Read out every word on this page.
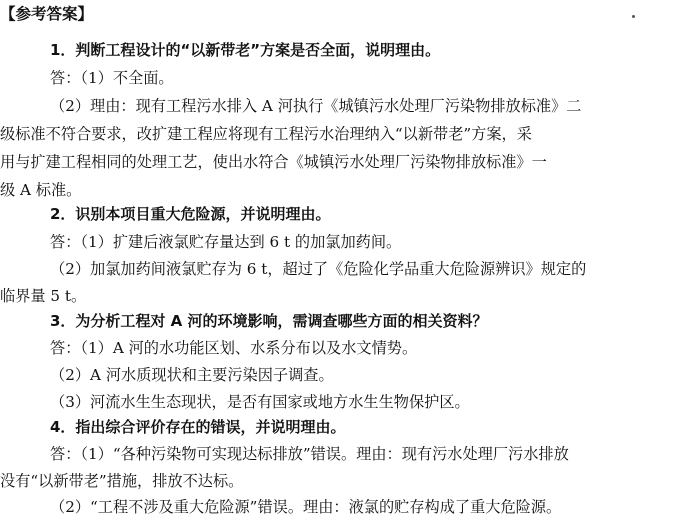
【参考答案】
1．判断工程设计的“以新带老”方案是否全面，说明理由。
答：（1）不全面。
（2）理由：现有工程污水排入 A 河执行《城镇污水处理厂污染物排放标准》二
级标准不符合要求，改扩建工程应将现有工程污水治理纳入“以新带老”方案，采
用与扩建工程相同的处理工艺，使出水符合《城镇污水处理厂污染物排放标准》一
级 A 标准。
2．识别本项目重大危险源，并说明理由。
答：（1）扩建后液氯贮存量达到 6 t 的加氯加药间。
（2）加氯加药间液氯贮存为 6 t，超过了《危险化学品重大危险源辨识》规定的
临界量 5 t。
3．为分析工程对 A 河的环境影响，需调查哪些方面的相关资料？
答：（1）A 河的水功能区划、水系分布以及水文情势。
（2）A 河水质现状和主要污染因子调查。
（3）河流水生生态现状，是否有国家或地方水生生物保护区。
4．指出综合评价存在的错误，并说明理由。
答：（1）“各种污染物可实现达标排放”错误。理由：现有污水处理厂污水排放
没有“以新带老”措施，排放不达标。
（2）“工程不涉及重大危险源”错误。理由：液氯的贮存构成了重大危险源。
